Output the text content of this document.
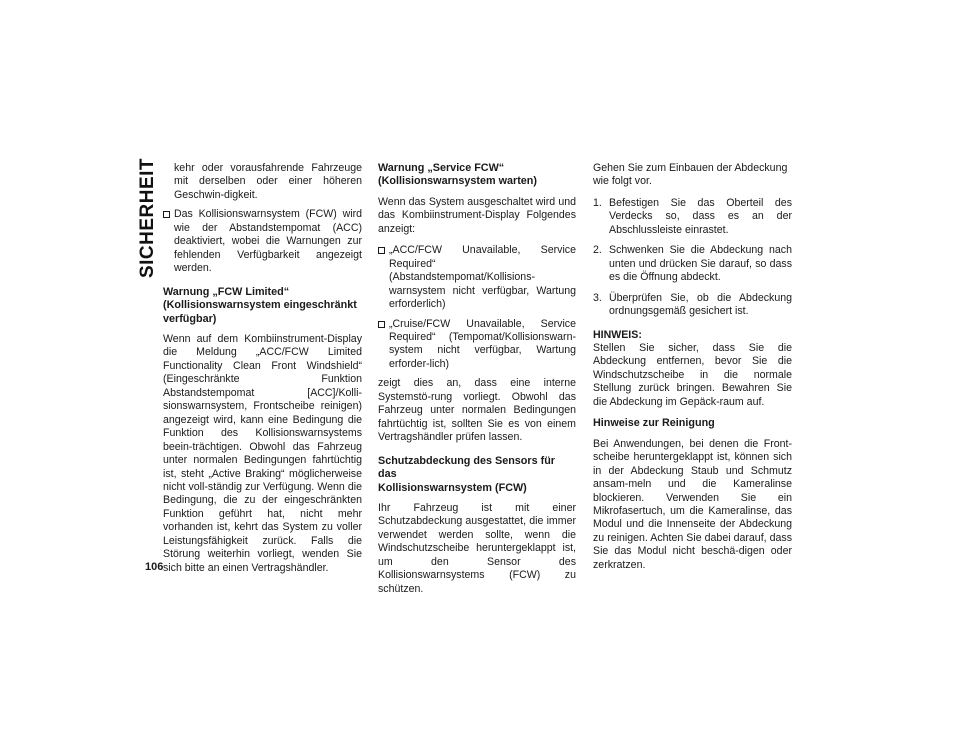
SICHERHEIT
106
kehr oder vorausfahrende Fahrzeuge mit derselben oder einer höheren Geschwin-digkeit.
Das Kollisionswarnsystem (FCW) wird wie der Abstandstempomat (ACC) deaktiviert, wobei die Warnungen zur fehlenden Verfügbarkeit angezeigt werden.
Warnung „FCW Limited“
(Kollisionswarnsystem eingeschränkt verfügbar)

Wenn auf dem Kombiinstrument-Display die Meldung „ACC/FCW Limited Functionality Clean Front Windshield“ (Eingeschränkte Funktion Abstandstempomat [ACC]/Kolli-sionswarnsystem, Frontscheibe reinigen) angezeigt wird, kann eine Bedingung die Funktion des Kollisionswarnsystems beein-trächtigen. Obwohl das Fahrzeug unter normalen Bedingungen fahrtüchtig ist, steht „Active Braking“ möglicherweise nicht voll-ständig zur Verfügung. Wenn die Bedingung, die zu der eingeschränkten Funktion geführt hat, nicht mehr vorhanden ist, kehrt das System zu voller Leistungsfähigkeit zurück. Falls die Störung weiterhin vorliegt, wenden Sie sich bitte an einen Vertragshändler.

Warnung „Service FCW“
(Kollisionswarnsystem warten)

Wenn das System ausgeschaltet wird und das Kombiinstrument-Display Folgendes anzeigt:

„ACC/FCW Unavailable, Service Required“ (Abstandstempomat/Kollisions-warnsystem nicht verfügbar, Wartung erforderlich)
„Cruise/FCW Unavailable, Service Required“ (Tempomat/Kollisionswarn-system nicht verfügbar, Wartung erforder-lich)

zeigt dies an, dass eine interne Systemstö-rung vorliegt. Obwohl das Fahrzeug unter normalen Bedingungen fahrtüchtig ist, sollten Sie es von einem Vertragshändler prüfen lassen.

Schutzabdeckung des Sensors für das
Kollisionswarnsystem (FCW)

Ihr Fahrzeug ist mit einer Schutzabdeckung ausgestattet, die immer verwendet werden sollte, wenn die Windschutzscheibe heruntergeklappt ist, um den Sensor des Kollisionswarnsystems (FCW) zu schützen.

Gehen Sie zum Einbauen der Abdeckung wie folgt vor.

1. Befestigen Sie das Oberteil des Verdecks so, dass es an der Abschlussleiste einrastet.
2. Schwenken Sie die Abdeckung nach unten und drücken Sie darauf, so dass es die Öffnung abdeckt.
3. Überprüfen Sie, ob die Abdeckung ordnungsgemäß gesichert ist.

HINWEIS:
Stellen Sie sicher, dass Sie die Abdeckung entfernen, bevor Sie die Windschutzscheibe in die normale Stellung zurück bringen. Bewahren Sie die Abdeckung im Gepäck-raum auf.

Hinweise zur Reinigung

Bei Anwendungen, bei denen die Front-scheibe heruntergeklappt ist, können sich in der Abdeckung Staub und Schmutz ansam-meln und die Kameralinse blockieren. Verwenden Sie ein Mikrofasertuch, um die Kameralinse, das Modul und die Innenseite der Abdeckung zu reinigen. Achten Sie dabei darauf, dass Sie das Modul nicht beschä-digen oder zerkratzen.
